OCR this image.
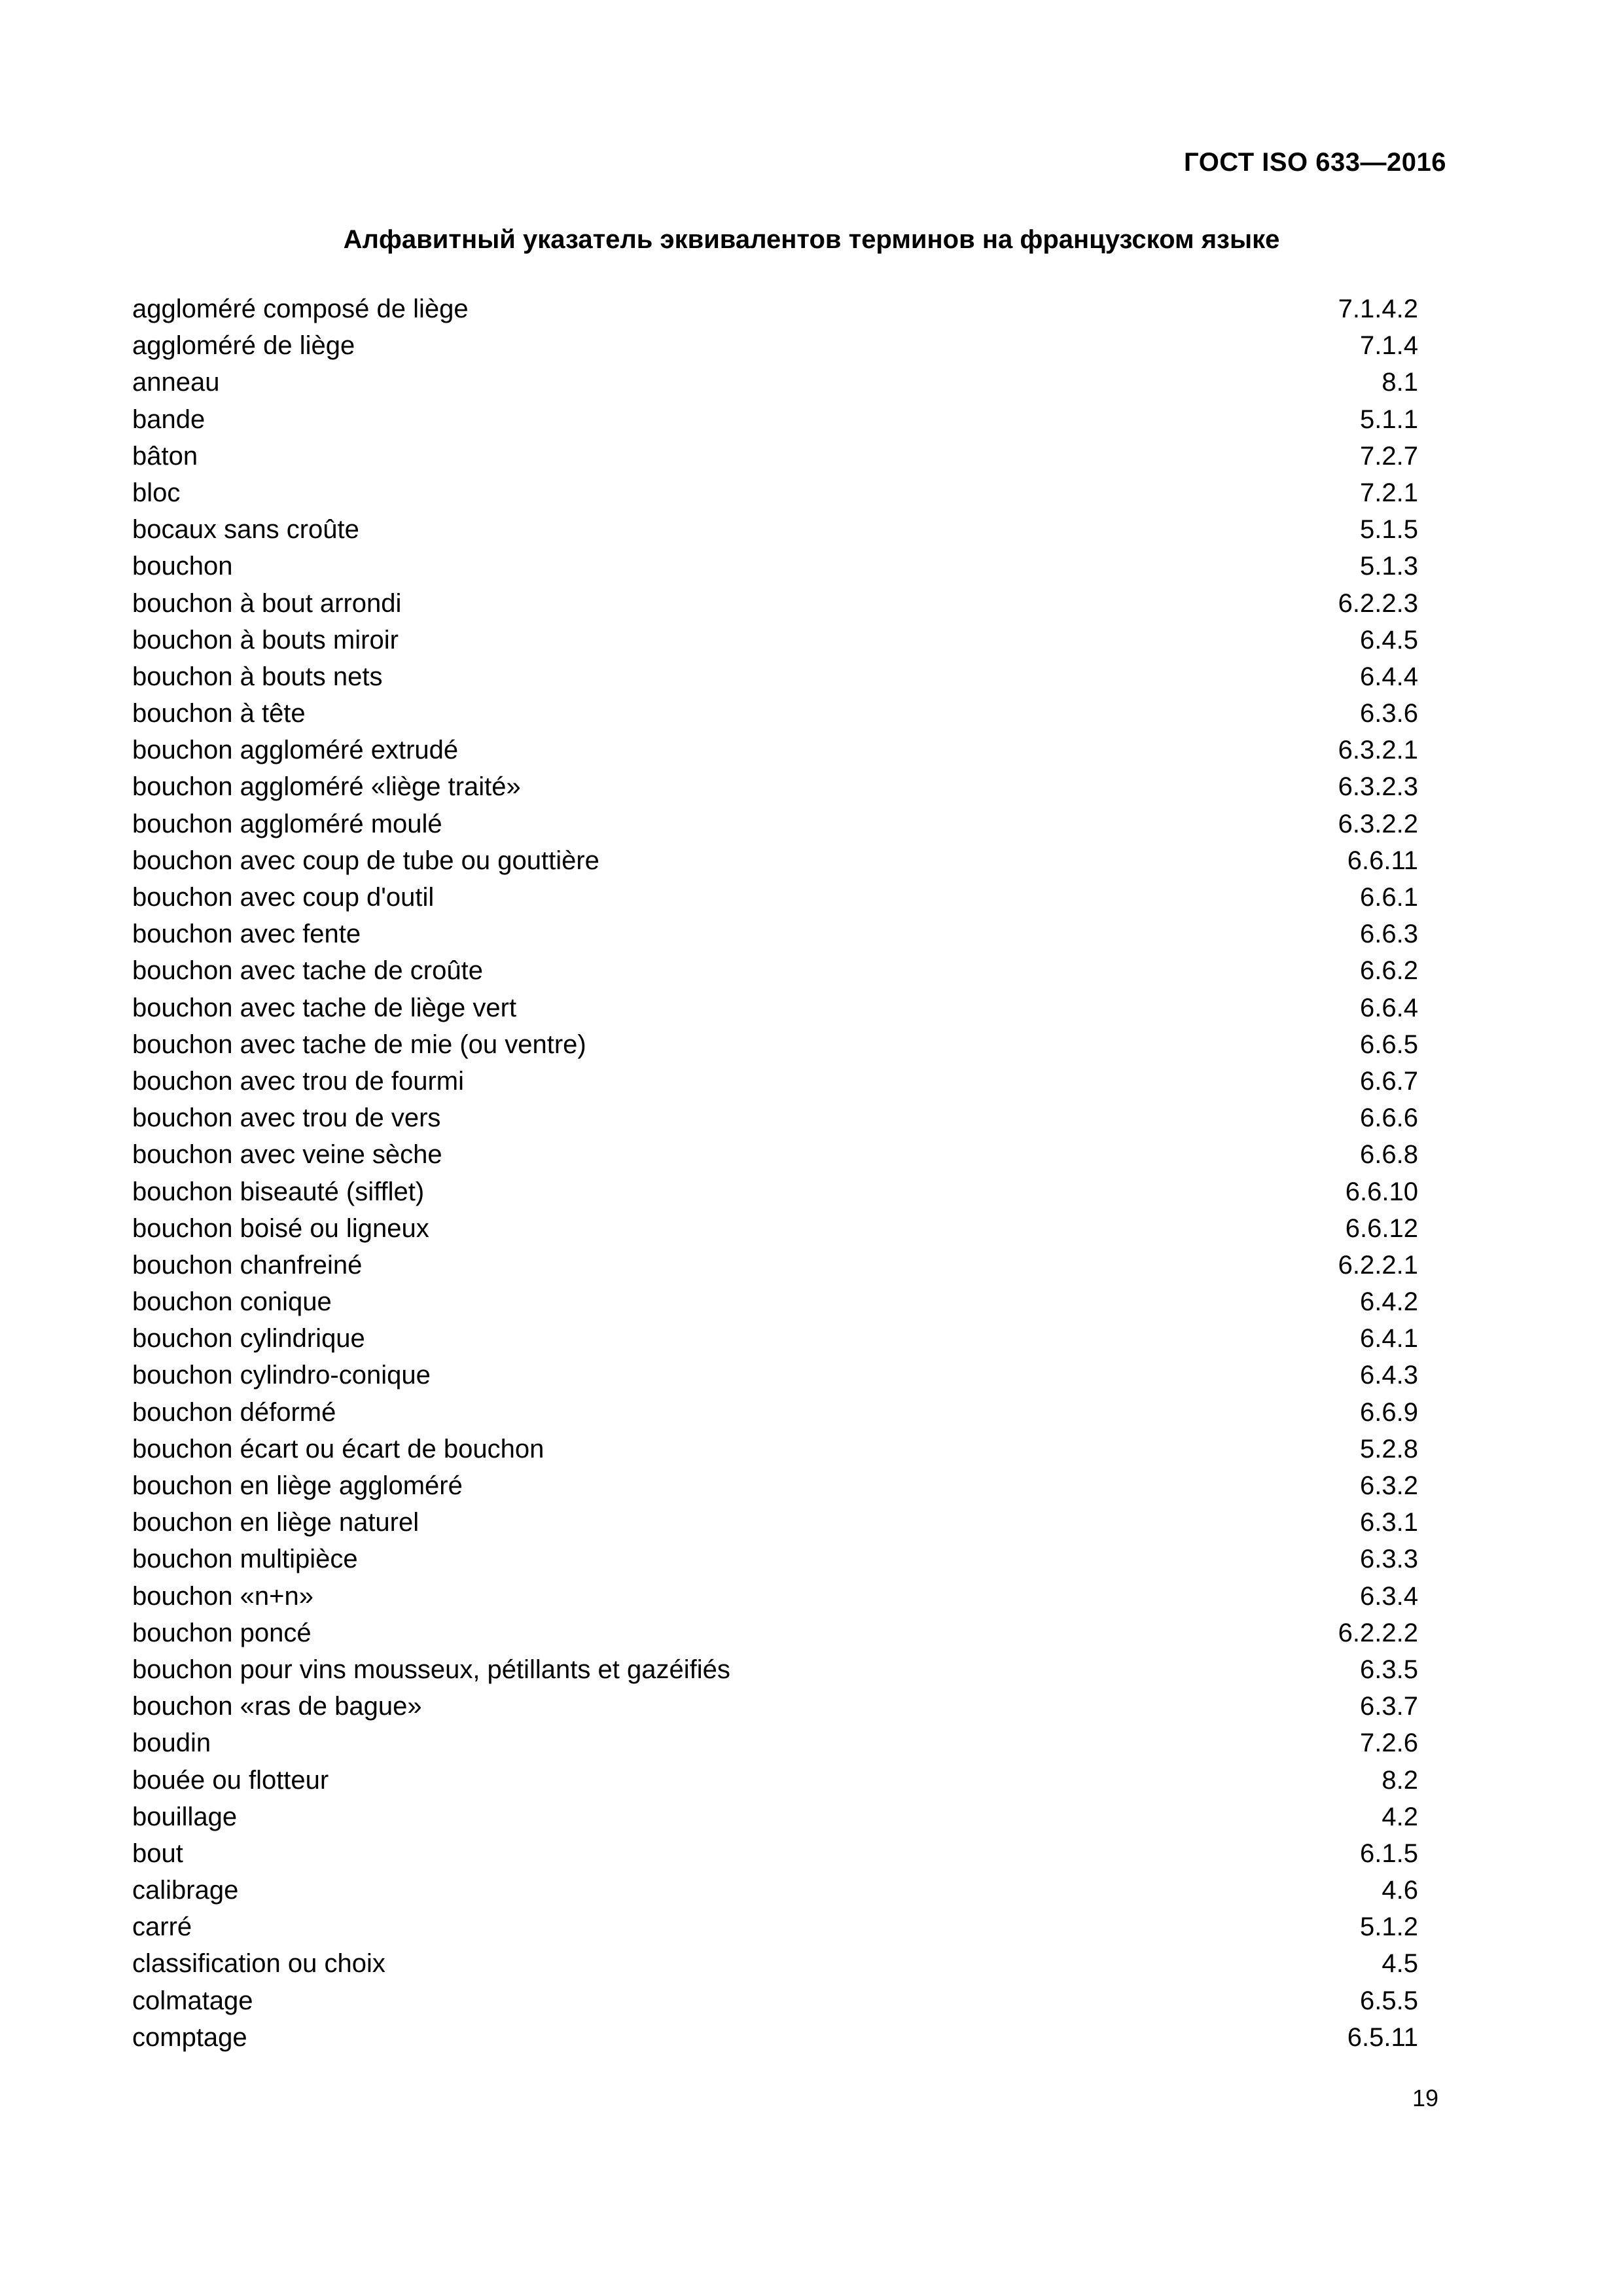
ГОСТ ISO 633—2016
Алфавитный указатель эквивалентов терминов на французском языке
aggloméré composé de liège	7.1.4.2
aggloméré de liège	7.1.4
anneau	8.1
bande	5.1.1
bâton	7.2.7
bloc	7.2.1
bocaux sans croûte	5.1.5
bouchon	5.1.3
bouchon à bout arrondi	6.2.2.3
bouchon à bouts miroir	6.4.5
bouchon à bouts nets	6.4.4
bouchon à tête	6.3.6
bouchon aggloméré extrudé	6.3.2.1
bouchon aggloméré «liège traité»	6.3.2.3
bouchon aggloméré moulé	6.3.2.2
bouchon avec coup de tube ou gouttière	6.6.11
bouchon avec coup d'outil	6.6.1
bouchon avec fente	6.6.3
bouchon avec tache de croûte	6.6.2
bouchon avec tache de liège vert	6.6.4
bouchon avec tache de mie (ou ventre)	6.6.5
bouchon avec trou de fourmi	6.6.7
bouchon avec trou de vers	6.6.6
bouchon avec veine sèche	6.6.8
bouchon biseauté (sifflet)	6.6.10
bouchon boisé ou ligneux	6.6.12
bouchon chanfreiné	6.2.2.1
bouchon conique	6.4.2
bouchon cylindrique	6.4.1
bouchon cylindro-conique	6.4.3
bouchon déformé	6.6.9
bouchon écart ou écart de bouchon	5.2.8
bouchon en liège aggloméré	6.3.2
bouchon en liège naturel	6.3.1
bouchon multipièce	6.3.3
bouchon «n+n»	6.3.4
bouchon poncé	6.2.2.2
bouchon pour vins mousseux, pétillants et gazéifiés	6.3.5
bouchon «ras de bague»	6.3.7
boudin	7.2.6
bouée ou flotteur	8.2
bouillage	4.2
bout	6.1.5
calibrage	4.6
carré	5.1.2
classification ou choix	4.5
colmatage	6.5.5
comptage	6.5.11
19
